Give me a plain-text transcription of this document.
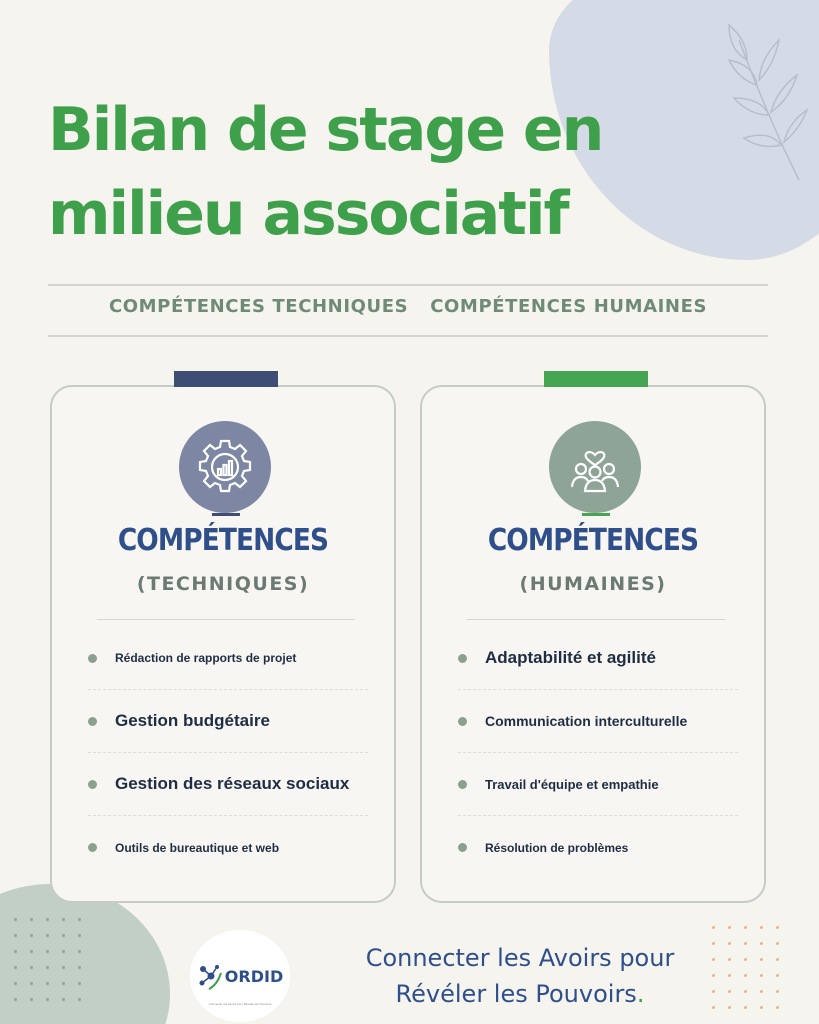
Bilan de stage en
milieu associatif
COMPÉTENCES TECHNIQUES COMPÉTENCES HUMAINES
COMPÉTENCES
(TECHNIQUES)
Rédaction de rapports de projet
Gestion budgétaire
Gestion des réseaux sociaux
Outils de bureautique et web
COMPÉTENCES
(HUMAINES)
Adaptabilité et agilité
Communication interculturelle
Travail d'équipe et empathie
Résolution de problèmes
ORDID
Connecter les Avoirs pour Révéler les Pouvoirs
Connecter les Avoirs pour
Révéler les Pouvoirs.
